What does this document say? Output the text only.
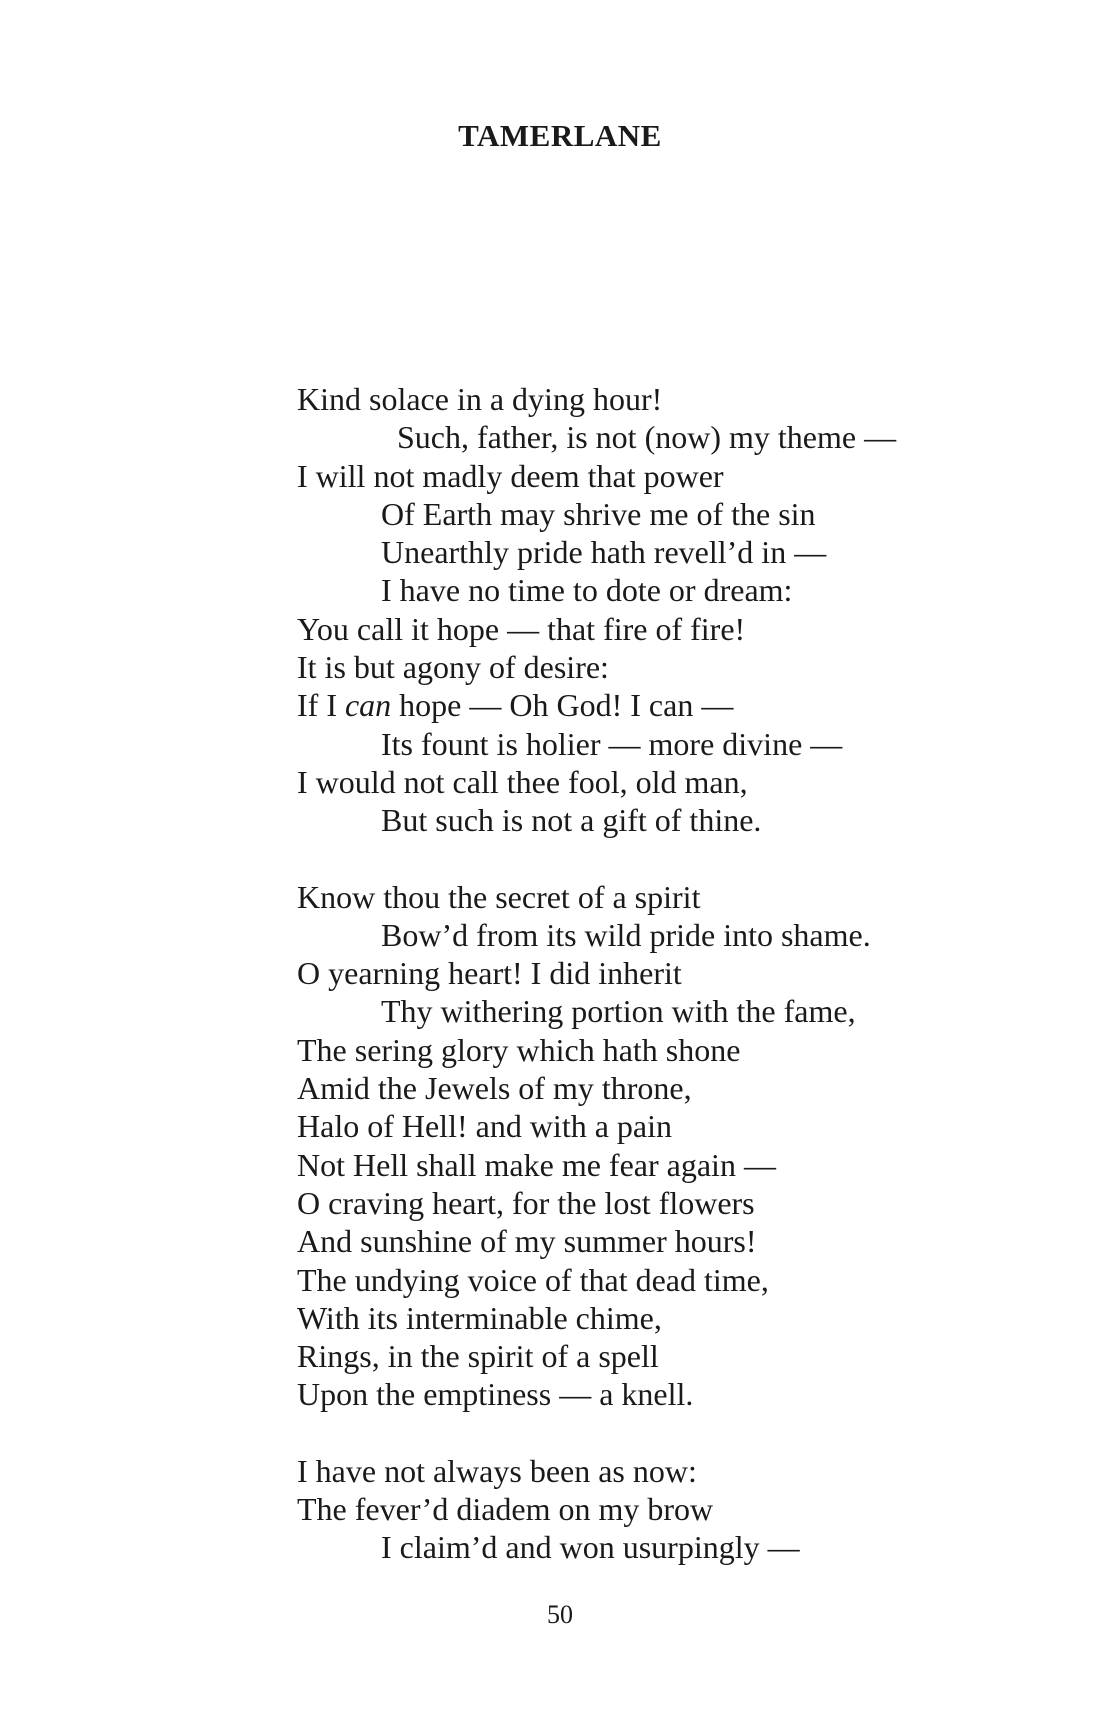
TAMERLANE
Kind solace in a dying hour!
Such, father, is not (now) my theme —
I will not madly deem that power
Of Earth may shrive me of the sin
Unearthly pride hath revell’d in —
I have no time to dote or dream:
You call it hope — that fire of fire!
It is but agony of desire:
If I can hope — Oh God! I can —
Its fount is holier — more divine —
I would not call thee fool, old man,
But such is not a gift of thine.
Know thou the secret of a spirit
Bow’d from its wild pride into shame.
O yearning heart! I did inherit
Thy withering portion with the fame,
The sering glory which hath shone
Amid the Jewels of my throne,
Halo of Hell! and with a pain
Not Hell shall make me fear again —
O craving heart, for the lost flowers
And sunshine of my summer hours!
The undying voice of that dead time,
With its interminable chime,
Rings, in the spirit of a spell
Upon the emptiness — a knell.
I have not always been as now:
The fever’d diadem on my brow
I claim’d and won usurpingly —
50
